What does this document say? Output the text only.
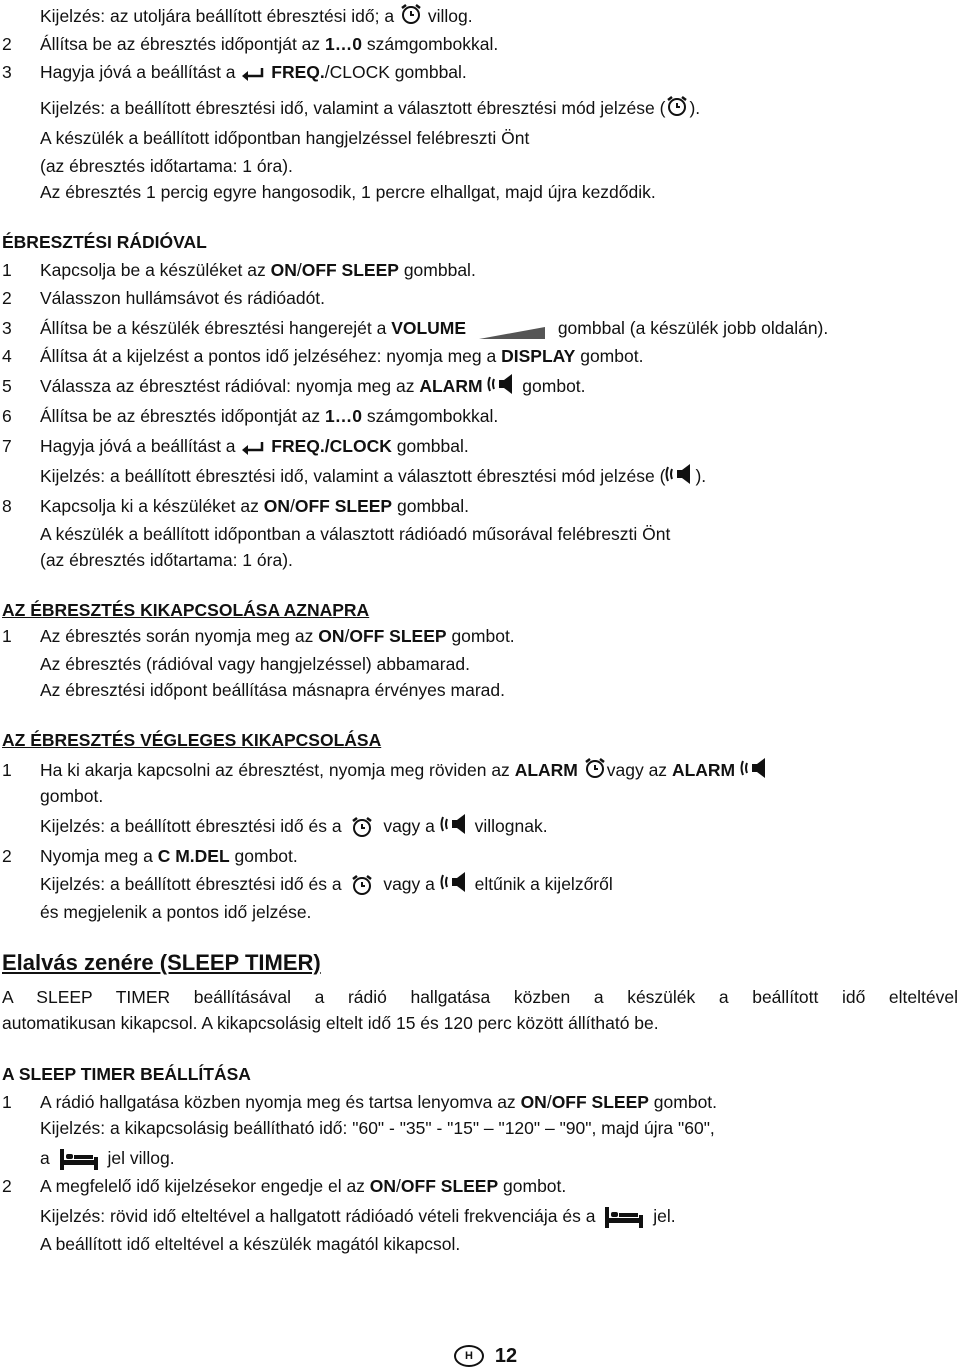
Kijelzés: az utoljára beállított ébresztési idő; a villog.
2 Állítsa be az ébresztés időpontját az 1…0 számgombokkal.
3 Hagyja jóvá a beállítást a FREQ./CLOCK gombbal.
Kijelzés: a beállított ébresztési idő, valamint a választott ébresztési mód jelzése ( ).
A készülék a beállított időpontban hangjelzéssel felébreszti Önt
(az ébresztés időtartama: 1 óra).
Az ébresztés 1 percig egyre hangosodik, 1 percre elhallgat, majd újra kezdődik.
ÉBRESZTÉSI RÁDIÓVAL
1 Kapcsolja be a készüléket az ON/OFF SLEEP gombbal.
2 Válasszon hullámsávot és rádióadót.
3 Állítsa be a készülék ébresztési hangerejét a VOLUME	gombbal (a készülék jobb oldalán).
4 Állítsa át a kijelzést a pontos idő jelzéséhez: nyomja meg a DISPLAY gombot.
5 Válassza az ébresztést rádióval: nyomja meg az ALARM gombot.
6 Állítsa be az ébresztés időpontját az 1…0 számgombokkal.
7 Hagyja jóvá a beállítást a FREQ./CLOCK gombbal.
Kijelzés: a beállított ébresztési idő, valamint a választott ébresztési mód jelzése ( ).
8 Kapcsolja ki a készüléket az ON/OFF SLEEP gombbal.
A készülék a beállított időpontban a választott rádióadó műsorával felébreszti Önt
(az ébresztés időtartama: 1 óra).
AZ ÉBRESZTÉS KIKAPCSOLÁSA AZNAPRA
1 Az ébresztés során nyomja meg az ON/OFF SLEEP gombot.
Az ébresztés (rádióval vagy hangjelzéssel) abbamarad.
Az ébresztési időpont beállítása másnapra érvényes marad.
AZ ÉBRESZTÉS VÉGLEGES KIKAPCSOLÁSA
1 Ha ki akarja kapcsolni az ébresztést, nyomja meg röviden az ALARM vagy az ALARM
gombot.
Kijelzés: a beállított ébresztési idő és a vagy a villognak.
2 Nyomja meg a C M.DEL gombot.
Kijelzés: a beállított ébresztési idő és a vagy a eltűnik a kijelzőről
és megjelenik a pontos idő jelzése.
Elalvás zenére (SLEEP TIMER)
A SLEEP TIMER beállításával a rádió hallgatása közben a készülék a beállított idő elteltével
automatikusan kikapcsol. A kikapcsolásig eltelt idő 15 és 120 perc között állítható be.
A SLEEP TIMER BEÁLLÍTÁSA
1 A rádió hallgatása közben nyomja meg és tartsa lenyomva az ON/OFF SLEEP gombot.
Kijelzés: a kikapcsolásig beállítható idő: "60" - "35" - "15" – "120" – "90", majd újra "60",
a	jel villog.
2 A megfelelő idő kijelzésekor engedje el az ON/OFF SLEEP gombot.
Kijelzés: rövid idő elteltével a hallgatott rádióadó vételi frekvenciája és a	jel.
A beállított idő elteltével a készülék magától kikapcsol.
H 12
